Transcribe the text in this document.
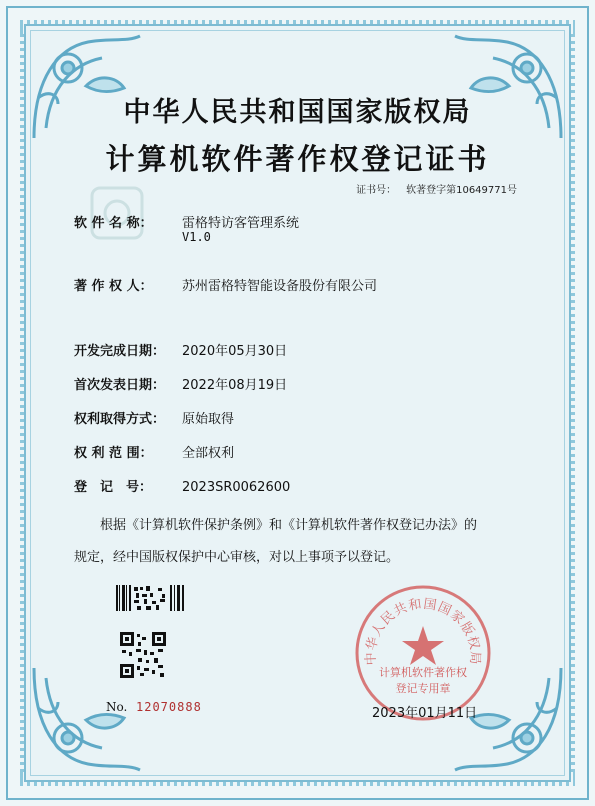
中华人民共和国国家版权局
计算机软件著作权登记证书
证书号： 软著登字第10649771号
软 件 名 称： 雷格特访客管理系统
V1.0
著 作 权 人： 苏州雷格特智能设备股份有限公司
开发完成日期： 2020年05月30日
首次发表日期： 2022年08月19日
权利取得方式： 原始取得
权 利 范 围： 全部权利
登　记　号： 2023SR0062600
根据《计算机软件保护条例》和《计算机软件著作权登记办法》的
规定，经中国版权保护中心审核，对以上事项予以登记。
No. 12070888
中华人民共和国国家版权局
计算机软件著作权
登记专用章
2023年01月11日
